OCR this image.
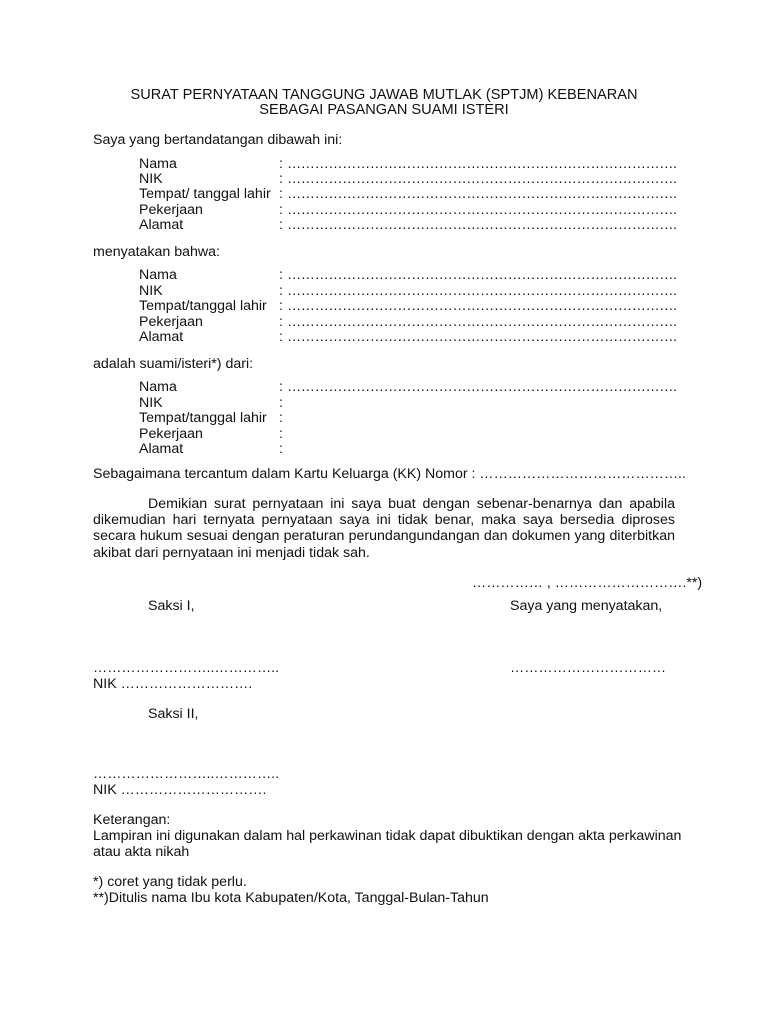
SURAT PERNYATAAN TANGGUNG JAWAB MUTLAK (SPTJM) KEBENARAN
SEBAGAI PASANGAN SUAMI ISTERI
Saya yang bertandatangan dibawah ini:
Nama	: ………………………………………………………………………….
NIK	: ………………………………………………………………………….
Tempat/ tanggal lahir : ………………………………………………………………………….
Pekerjaan	: ………………………………………………………………………….
Alamat	: ………………………………………………………………………….
menyatakan bahwa:
Nama	: ………………………………………………………………………….
NIK	: ………………………………………………………………………….
Tempat/tanggal lahir : ………………………………………………………………………….
Pekerjaan	: ………………………………………………………………………….
Alamat	: ………………………………………………………………………….
adalah suami/isteri*) dari:
Nama	: ………………………………………………………………………….
NIK	:
Tempat/tanggal lahir :
Pekerjaan	:
Alamat	:
Sebagaimana tercantum dalam Kartu Keluarga (KK) Nomor : ……………………………………..
Demikian surat pernyataan ini saya buat dengan sebenar-benarnya dan apabila dikemudian hari ternyata pernyataan saya ini tidak benar, maka saya bersedia diproses secara hukum sesuai dengan peraturan perundangundangan dan dokumen yang diterbitkan akibat dari pernyataan ini menjadi tidak sah.
…………… , ……………………….**)
Saksi I,	Saya yang menyatakan,
……………………..…………..	……………………………
NIK ……………………….
Saksi II,
……………………..…………..
NIK ………………………….
Keterangan:
Lampiran ini digunakan dalam hal perkawinan tidak dapat dibuktikan dengan akta perkawinan
atau akta nikah
*) coret yang tidak perlu.
**)Ditulis nama Ibu kota Kabupaten/Kota, Tanggal-Bulan-Tahun
